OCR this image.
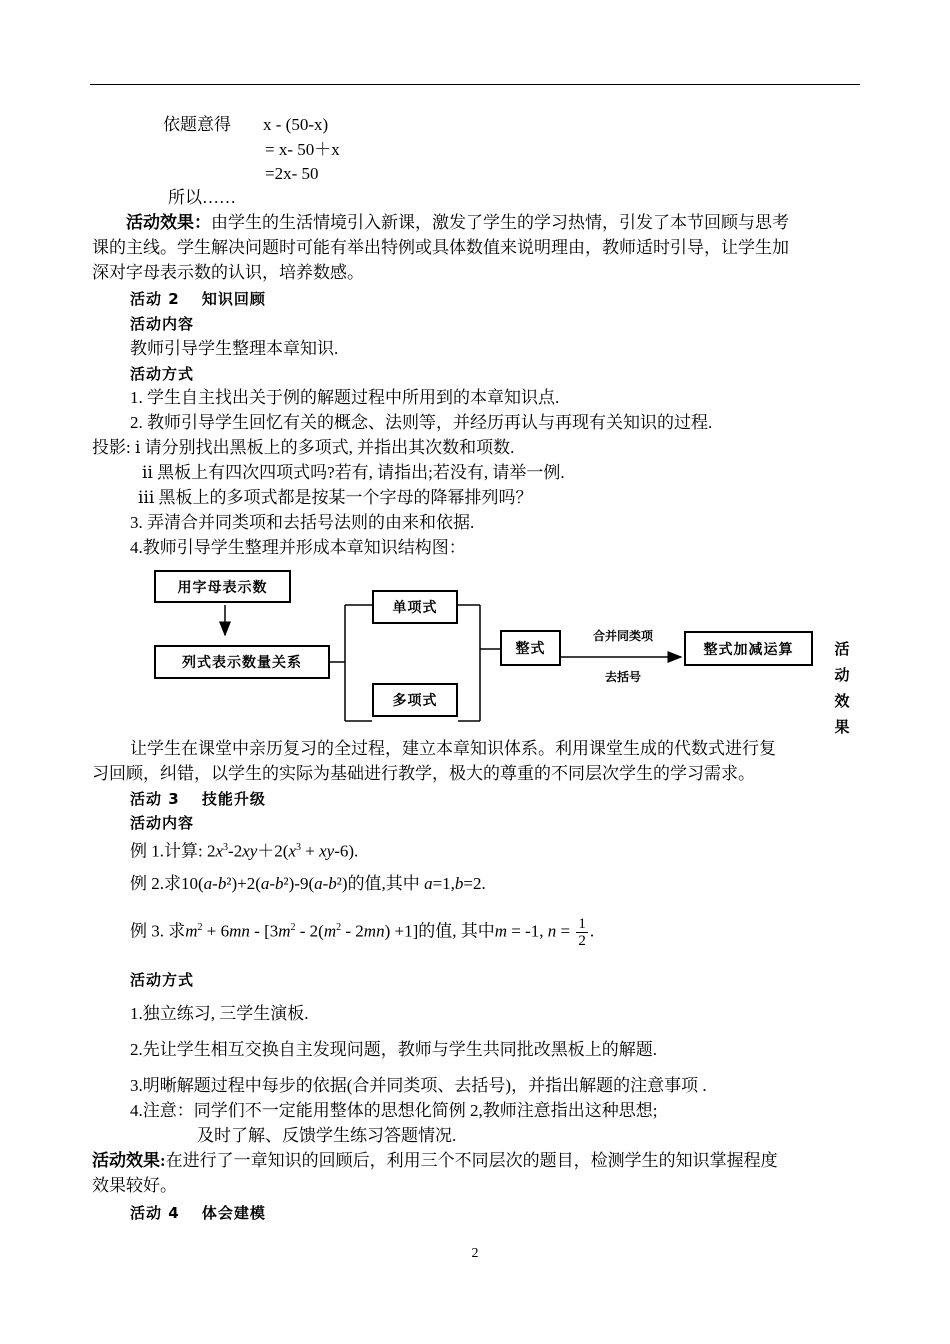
依题意得 x - (50-x)
= x- 50＋x
=2x- 50
所以……
活动效果：由学生的生活情境引入新课，激发了学生的学习热情，引发了本节回顾与思考
课的主线。学生解决问题时可能有举出特例或具体数值来说明理由，教师适时引导，让学生加
深对字母表示数的认识，培养数感。
活动 2　 知识回顾
活动内容
教师引导学生整理本章知识.
活动方式
1. 学生自主找出关于例的解题过程中所用到的本章知识点.
2. 教师引导学生回忆有关的概念、法则等，并经历再认与再现有关知识的过程.
投影: ⅰ 请分别找出黑板上的多项式, 并指出其次数和项数.
ⅱ 黑板上有四次四项式吗?若有, 请指出;若没有, 请举一例.
ⅲ 黑板上的多项式都是按某一个字母的降幂排列吗？
3. 弄清合并同类项和去括号法则的由来和依据.
4.教师引导学生整理并形成本章知识结构图：
用字母表示数
列式表示数量关系
单项式
多项式
整式	整式加减运算
合并同类项
去括号
活
动
效
果
让学生在课堂中亲历复习的全过程，建立本章知识体系。利用课堂生成的代数式进行复
习回顾，纠错，以学生的实际为基础进行教学，极大的尊重的不同层次学生的学习需求。
活动 3　 技能升级
活动内容
例 1.计算: $2x^3-2xy+2(x^3 + xy-6)$.
例 2.求10(a-b²)+2(a-b²)-9(a-b²)的值,其中 a=1,b=2.
例 3. 求$m^2 + 6mn - [3m^2 - 2(m^2 - 2mn) +1]$的值, 其中m = -1, $n = \frac{1}{2}$ .
活动方式
1.独立练习, 三学生演板.
2.先让学生相互交换自主发现问题，教师与学生共同批改黑板上的解题.
3.明晰解题过程中每步的依据(合并同类项、去括号)，并指出解题的注意事项 .
4.注意：同学们不一定能用整体的思想化简例 2,教师注意指出这种思想;
及时了解、反馈学生练习答题情况.
活动效果:在进行了一章知识的回顾后，利用三个不同层次的题目，检测学生的知识掌握程度
效果较好。
活动 4　 体会建模
2
